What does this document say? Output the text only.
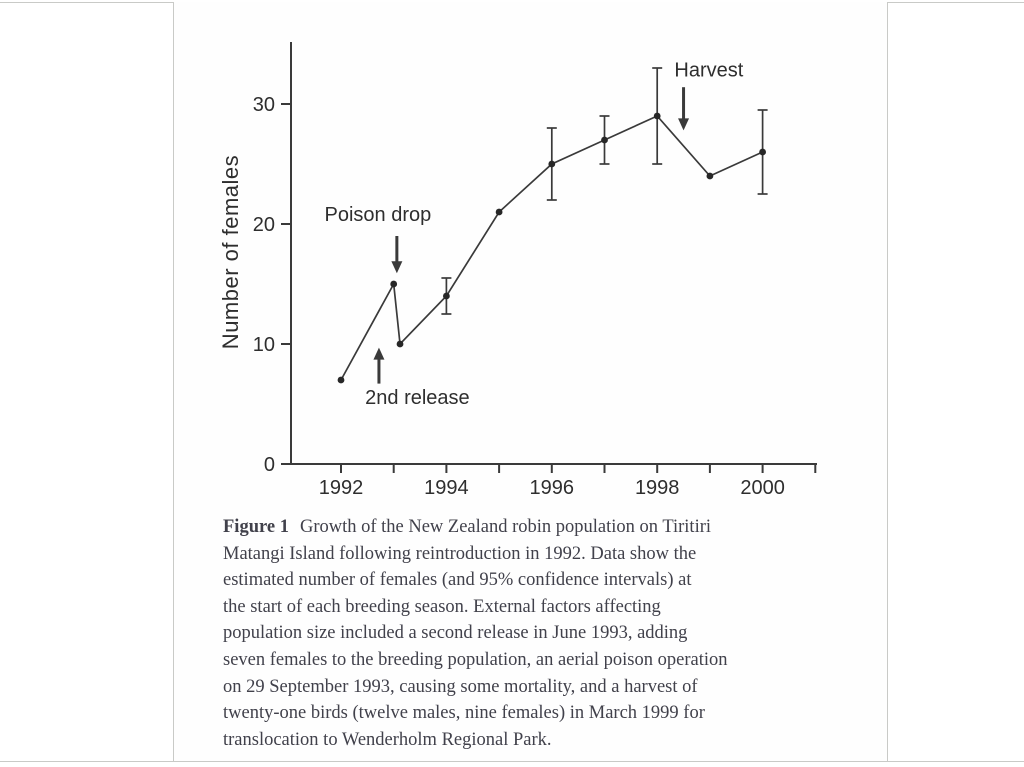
0
10
20
30
1992	1994	1996	1998	2000
Number of females	Poison drop
2nd release
Harvest
Figure 1 Growth of the New Zealand robin population on Tiritiri
Matangi Island following reintroduction in 1992. Data show the
estimated number of females (and 95% confidence intervals) at
the start of each breeding season. External factors affecting
population size included a second release in June 1993, adding
seven females to the breeding population, an aerial poison operation
on 29 September 1993, causing some mortality, and a harvest of
twenty-one birds (twelve males, nine females) in March 1999 for
translocation to Wenderholm Regional Park.
